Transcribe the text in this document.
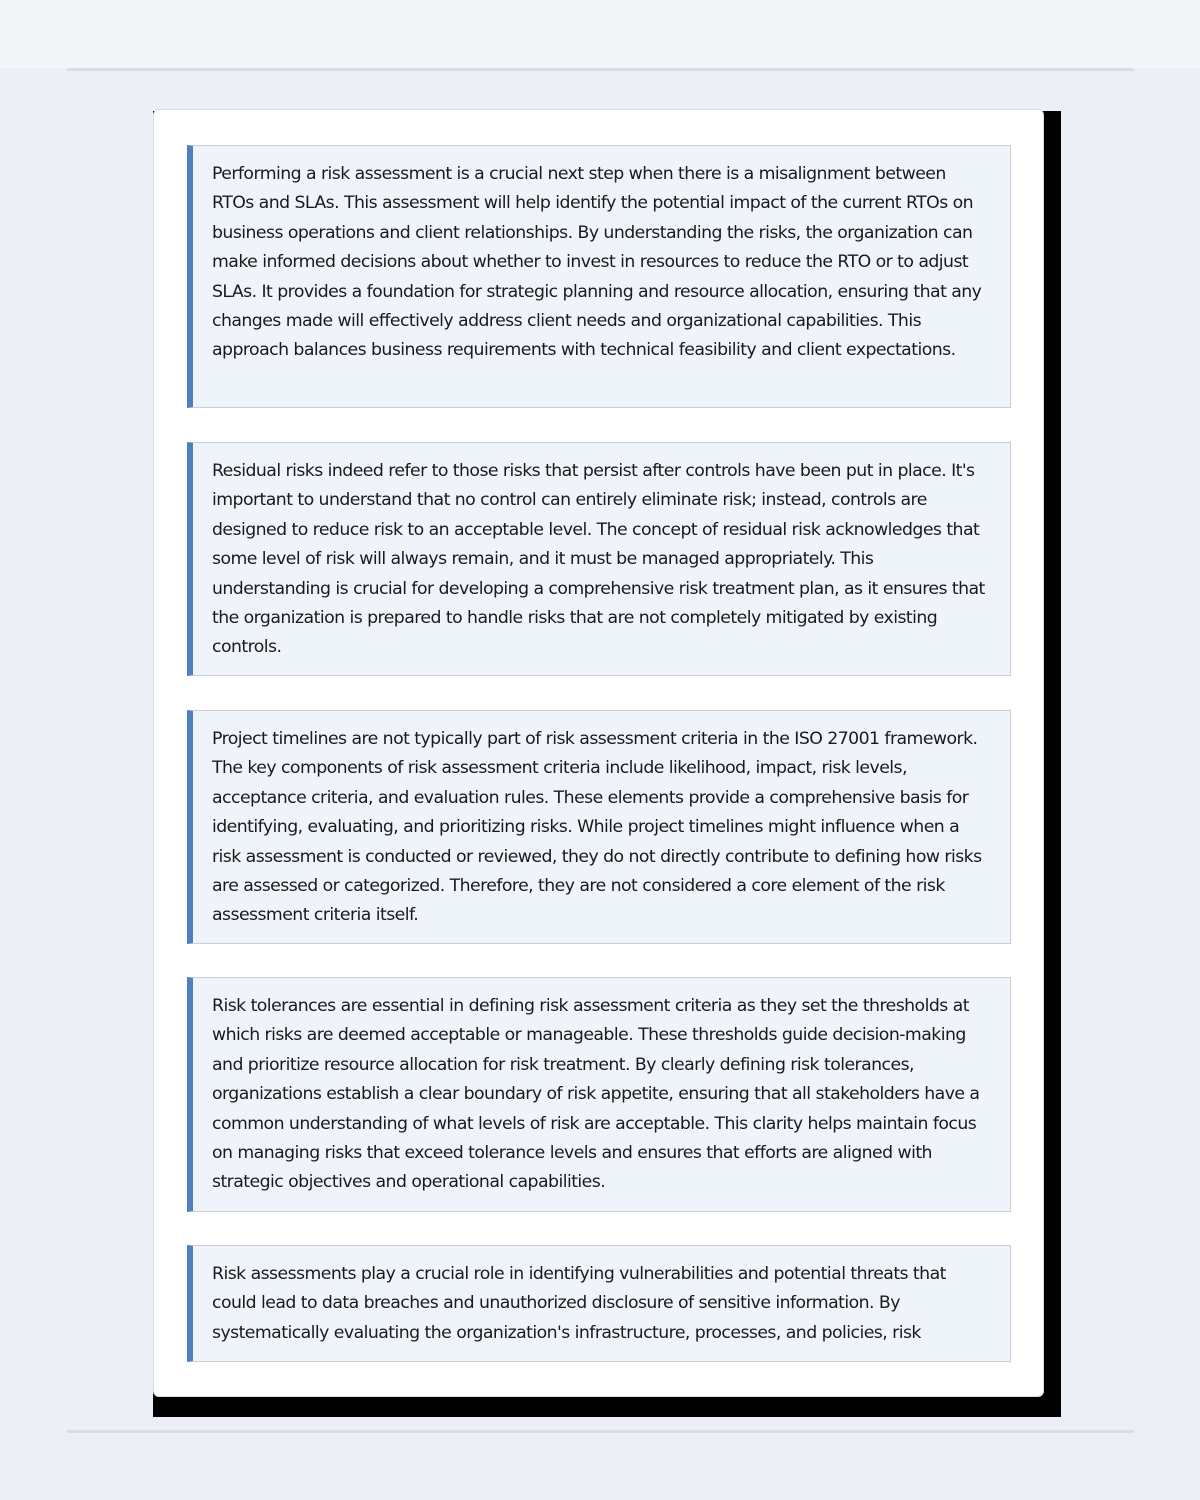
Performing a risk assessment is a crucial next step when there is a misalignment between RTOs and SLAs. This assessment will help identify the potential impact of the current RTOs on business operations and client relationships. By understanding the risks, the organization can make informed decisions about whether to invest in resources to reduce the RTO or to adjust SLAs. It provides a foundation for strategic planning and resource allocation, ensuring that any changes made will effectively address client needs and organizational capabilities. This approach balances business requirements with technical feasibility and client expectations.

Residual risks indeed refer to those risks that persist after controls have been put in place. It's important to understand that no control can entirely eliminate risk; instead, controls are designed to reduce risk to an acceptable level. The concept of residual risk acknowledges that some level of risk will always remain, and it must be managed appropriately. This understanding is crucial for developing a comprehensive risk treatment plan, as it ensures that the organization is prepared to handle risks that are not completely mitigated by existing controls.

Project timelines are not typically part of risk assessment criteria in the ISO 27001 framework. The key components of risk assessment criteria include likelihood, impact, risk levels, acceptance criteria, and evaluation rules. These elements provide a comprehensive basis for identifying, evaluating, and prioritizing risks. While project timelines might influence when a risk assessment is conducted or reviewed, they do not directly contribute to defining how risks are assessed or categorized. Therefore, they are not considered a core element of the risk assessment criteria itself.

Risk tolerances are essential in defining risk assessment criteria as they set the thresholds at which risks are deemed acceptable or manageable. These thresholds guide decision-making and prioritize resource allocation for risk treatment. By clearly defining risk tolerances, organizations establish a clear boundary of risk appetite, ensuring that all stakeholders have a common understanding of what levels of risk are acceptable. This clarity helps maintain focus on managing risks that exceed tolerance levels and ensures that efforts are aligned with strategic objectives and operational capabilities.

Risk assessments play a crucial role in identifying vulnerabilities and potential threats that could lead to data breaches and unauthorized disclosure of sensitive information. By systematically evaluating the organization's infrastructure, processes, and policies, risk
